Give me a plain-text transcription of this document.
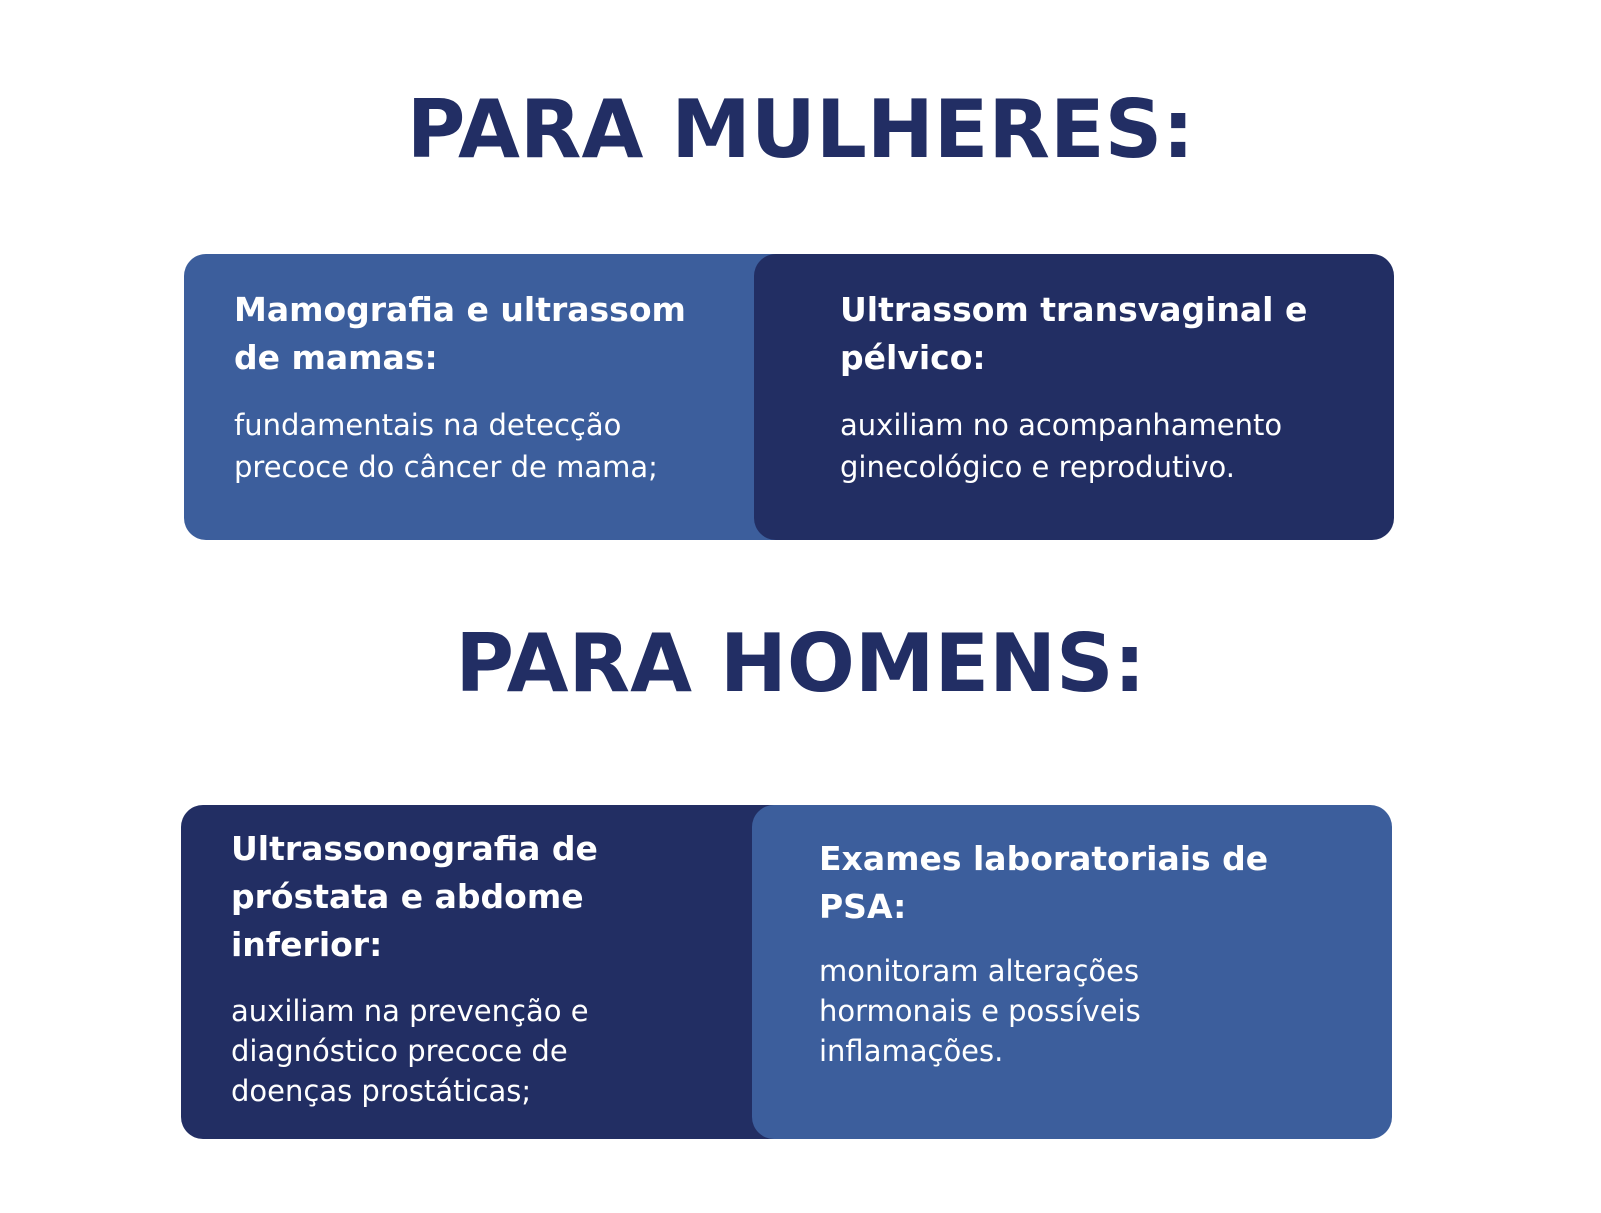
PARA MULHERES:

Mamografia e ultrassom de mamas:

fundamentais na detecção precoce do câncer de mama;

Ultrassom transvaginal e pélvico:

auxiliam no acompanhamento ginecológico e reprodutivo.

PARA HOMENS:

Ultrassonografia de próstata e abdome inferior:

auxiliam na prevenção e diagnóstico precoce de doenças prostáticas;

Exames laboratoriais de PSA:

monitoram alterações hormonais e possíveis inflamações.
